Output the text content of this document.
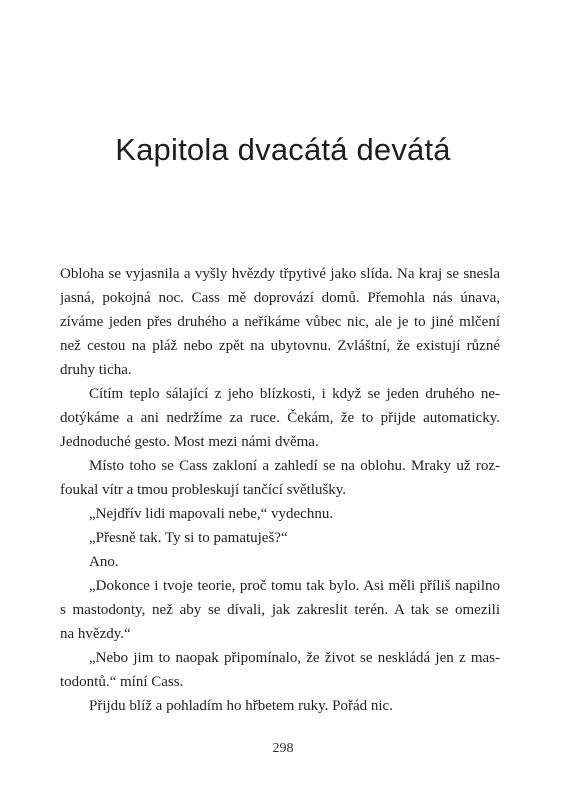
Kapitola dvacátá devátá
Obloha se vyjasnila a vyšly hvězdy třpytivé jako slída. Na kraj se snesla
jasná, pokojná noc. Cass mě doprovází domů. Přemohla nás únava,
zíváme jeden přes druhého a neříkáme vůbec nic, ale je to jiné mlčení
než cestou na pláž nebo zpět na ubytovnu. Zvláštní, že existují různé
druhy ticha.
Cítím teplo sálající z jeho blízkosti, i když se jeden druhého ne-
dotýkáme a ani nedržíme za ruce. Čekám, že to přijde automaticky.
Jednoduché gesto. Most mezi námi dvěma.
Místo toho se Cass zakloní a zahledí se na oblohu. Mraky už roz-
foukal vítr a tmou probleskují tančící světlušky.
„Nejdřív lidi mapovali nebe,“ vydechnu.
„Přesně tak. Ty si to pamatuješ?“
Ano.
„Dokonce i tvoje teorie, proč tomu tak bylo. Asi měli příliš napilno
s mastodonty, než aby se dívali, jak zakreslit terén. A tak se omezili
na hvězdy.“
„Nebo jim to naopak připomínalo, že život se neskládá jen z mas-
todontů.“ míní Cass.
Přijdu blíž a pohladím ho hřbetem ruky. Pořád nic.
298
